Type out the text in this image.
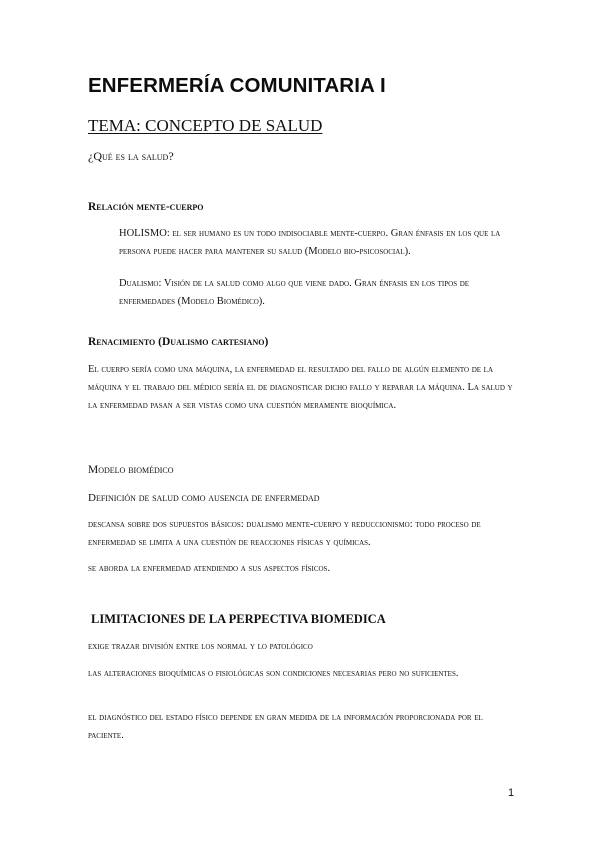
ENFERMERÍA COMUNITARIA I
TEMA: CONCEPTO DE SALUD

¿Qué es la salud?

Relación mente-cuerpo

HOLISMO: el ser humano es un todo indisociable mente-cuerpo. Gran énfasis en los que la persona puede hacer para mantener su salud (Modelo bio-psicosocial).

Dualismo: Visión de la salud como algo que viene dado. Gran énfasis en los tipos de enfermedades (Modelo Biomédico).

Renacimiento (Dualismo cartesiano)

El cuerpo sería como una máquina, la enfermedad el resultado del fallo de algún elemento de la máquina y el trabajo del médico sería el de diagnosticar dicho fallo y reparar la máquina. La salud y la enfermedad pasan a ser vistas como una cuestión meramente bioquímica.

Modelo biomédico

Definición de salud como ausencia de enfermedad

descansa sobre dos supuestos básicos: dualismo mente-cuerpo y reduccionismo: todo proceso de enfermedad se limita a una cuestión de reacciones físicas y químicas.

se aborda la enfermedad atendiendo a sus aspectos físicos.

LIMITACIONES DE LA PERPECTIVA BIOMEDICA

exige trazar división entre los normal y lo patológico

las alteraciones bioquímicas o fisiológicas son condiciones necesarias pero no suficientes.

el diagnóstico del estado físico depende en gran medida de la información proporcionada por el paciente.

1
